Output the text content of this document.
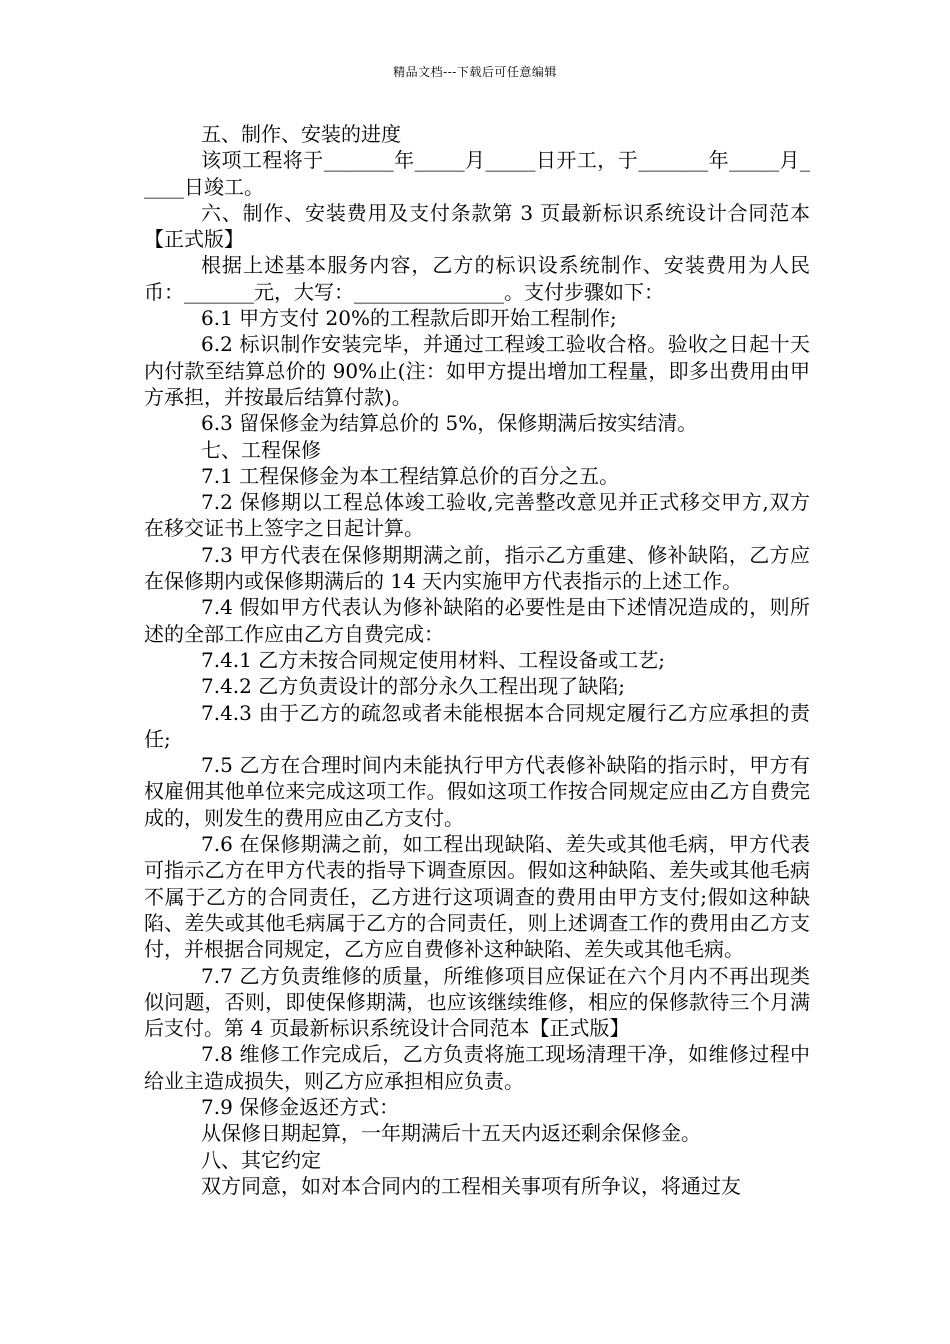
精品文档---下载后可任意编辑

五、制作、安装的进度

该项工程将于_______年_____月_____日开工，于_______年_____月_____日竣工。

六、制作、安装费用及支付条款第 3 页最新标识系统设计合同范本【正式版】

根据上述基本服务内容，乙方的标识设系统制作、安装费用为人民币：_______元，大写：_______________。支付步骤如下：

6.1 甲方支付 20%的工程款后即开始工程制作;

6.2 标识制作安装完毕，并通过工程竣工验收合格。验收之日起十天内付款至结算总价的 90%止(注：如甲方提出增加工程量，即多出费用由甲方承担，并按最后结算付款)。

6.3 留保修金为结算总价的 5%，保修期满后按实结清。

七、工程保修

7.1 工程保修金为本工程结算总价的百分之五。

7.2 保修期以工程总体竣工验收,完善整改意见并正式移交甲方,双方在移交证书上签字之日起计算。

7.3 甲方代表在保修期期满之前，指示乙方重建、修补缺陷，乙方应在保修期内或保修期满后的 14 天内实施甲方代表指示的上述工作。

7.4 假如甲方代表认为修补缺陷的必要性是由下述情况造成的，则所述的全部工作应由乙方自费完成：

7.4.1 乙方未按合同规定使用材料、工程设备或工艺;

7.4.2 乙方负责设计的部分永久工程出现了缺陷;

7.4.3 由于乙方的疏忽或者未能根据本合同规定履行乙方应承担的责任;

7.5 乙方在合理时间内未能执行甲方代表修补缺陷的指示时，甲方有权雇佣其他单位来完成这项工作。假如这项工作按合同规定应由乙方自费完成的，则发生的费用应由乙方支付。

7.6 在保修期满之前，如工程出现缺陷、差失或其他毛病，甲方代表可指示乙方在甲方代表的指导下调查原因。假如这种缺陷、差失或其他毛病不属于乙方的合同责任，乙方进行这项调查的费用由甲方支付;假如这种缺陷、差失或其他毛病属于乙方的合同责任，则上述调查工作的费用由乙方支付，并根据合同规定，乙方应自费修补这种缺陷、差失或其他毛病。

7.7 乙方负责维修的质量，所维修项目应保证在六个月内不再出现类似问题，否则，即使保修期满，也应该继续维修，相应的保修款待三个月满后支付。第 4 页最新标识系统设计合同范本【正式版】

7.8 维修工作完成后，乙方负责将施工现场清理干净，如维修过程中给业主造成损失，则乙方应承担相应负责。

7.9 保修金返还方式：

从保修日期起算，一年期满后十五天内返还剩余保修金。

八、其它约定

双方同意，如对本合同内的工程相关事项有所争议，将通过友
